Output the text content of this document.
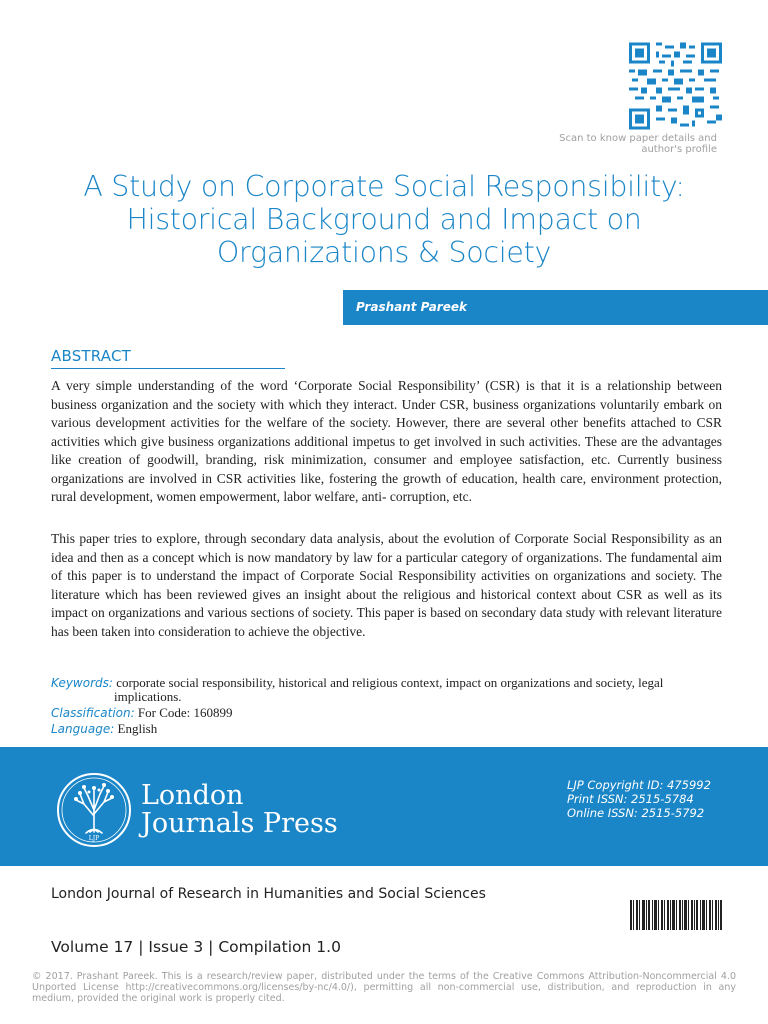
Scan to know paper details and author's profile
A Study on Corporate Social Responsibility:
Historical Background and Impact on
Organizations & Society
Prashant Pareek
ABSTRACT

A very simple understanding of the word ‘Corporate Social Responsibility’ (CSR) is that it is a relationship between business organization and the society with which they interact. Under CSR, business organizations voluntarily embark on various development activities for the welfare of the society. However, there are several other benefits attached to CSR activities which give business organizations additional impetus to get involved in such activities. These are the advantages like creation of goodwill, branding, risk minimization, consumer and employee satisfaction, etc. Currently business organizations are involved in CSR activities like, fostering the growth of education, health care, environment protection, rural development, women empowerment, labor welfare, anti- corruption, etc.

This paper tries to explore, through secondary data analysis, about the evolution of Corporate Social Responsibility as an idea and then as a concept which is now mandatory by law for a particular category of organizations. The fundamental aim of this paper is to understand the impact of Corporate Social Responsibility activities on organizations and society. The literature which has been reviewed gives an insight about the religious and historical context about CSR as well as its impact on organizations and various sections of society. This paper is based on secondary data study with relevant literature has been taken into consideration to achieve the objective.

Keywords: corporate social responsibility, historical and religious context, impact on organizations and society, legal
implications.
Classification: For Code: 160899
Language: English
LJP
London
Journals Press
LJP Copyright ID: 475992
Print ISSN: 2515-5784
Online ISSN: 2515-5792
London Journal of Research in Humanities and Social Sciences
Volume 17 | Issue 3 | Compilation 1.0
© 2017. Prashant Pareek. This is a research/review paper, distributed under the terms of the Creative Commons Attribution-Noncommercial 4.0 Unported License http://creativecommons.org/licenses/by-nc/4.0/), permitting all non-commercial use, distribution, and reproduction in any medium, provided the original work is properly cited.
